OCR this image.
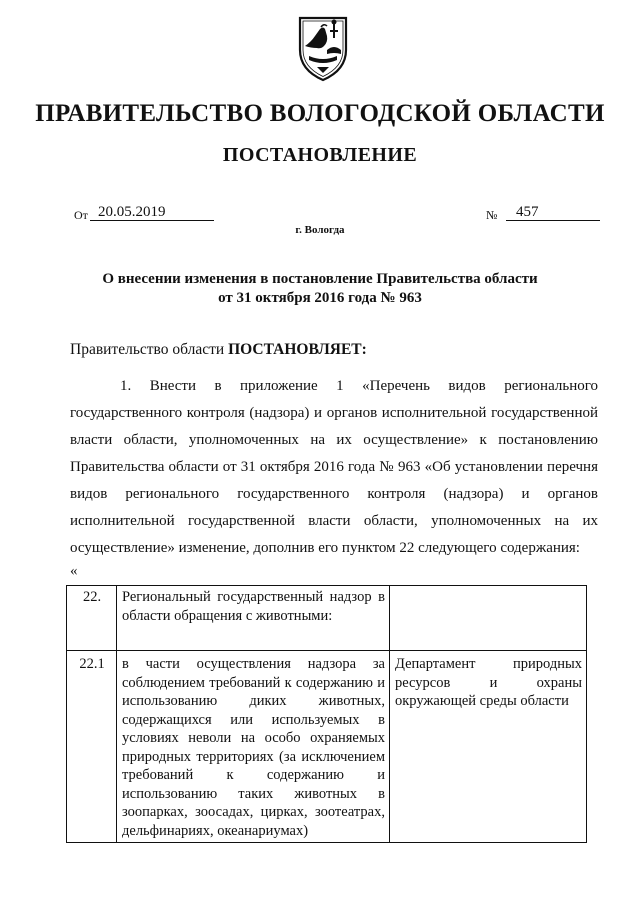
ПРАВИТЕЛЬСТВО ВОЛОГОДСКОЙ ОБЛАСТИ
ПОСТАНОВЛЕНИЕ
От 20.05.2019	№	457
г. Вологда
О внесении изменения в постановление Правительства области
от 31 октября 2016 года № 963
Правительство области ПОСТАНОВЛЯЕТ:

1. Внести в приложение 1 «Перечень видов регионального государственного контроля (надзора) и органов исполнительной государственной власти области, уполномоченных на их осуществление» к постановлению Правительства области от 31 октября 2016 года № 963 «Об установлении перечня видов регионального государственного контроля (надзора) и органов исполнительной государственной власти области, уполномоченных на их осуществление» изменение, дополнив его пунктом 22 следующего содержания:

«
22.	Региональный государственный надзор в области обращения с животными:	
22.1	в части осуществления надзора за соблюдением требований к содержанию и использованию диких животных, содержащихся или используемых в условиях неволи на особо охраняемых природных территориях (за исключением требований к содержанию и использованию таких животных в зоопарках, зоосадах, цирках, зоотеатрах, дельфинариях, океанариумах)	Департамент природных ресурсов и охраны окружающей среды области
